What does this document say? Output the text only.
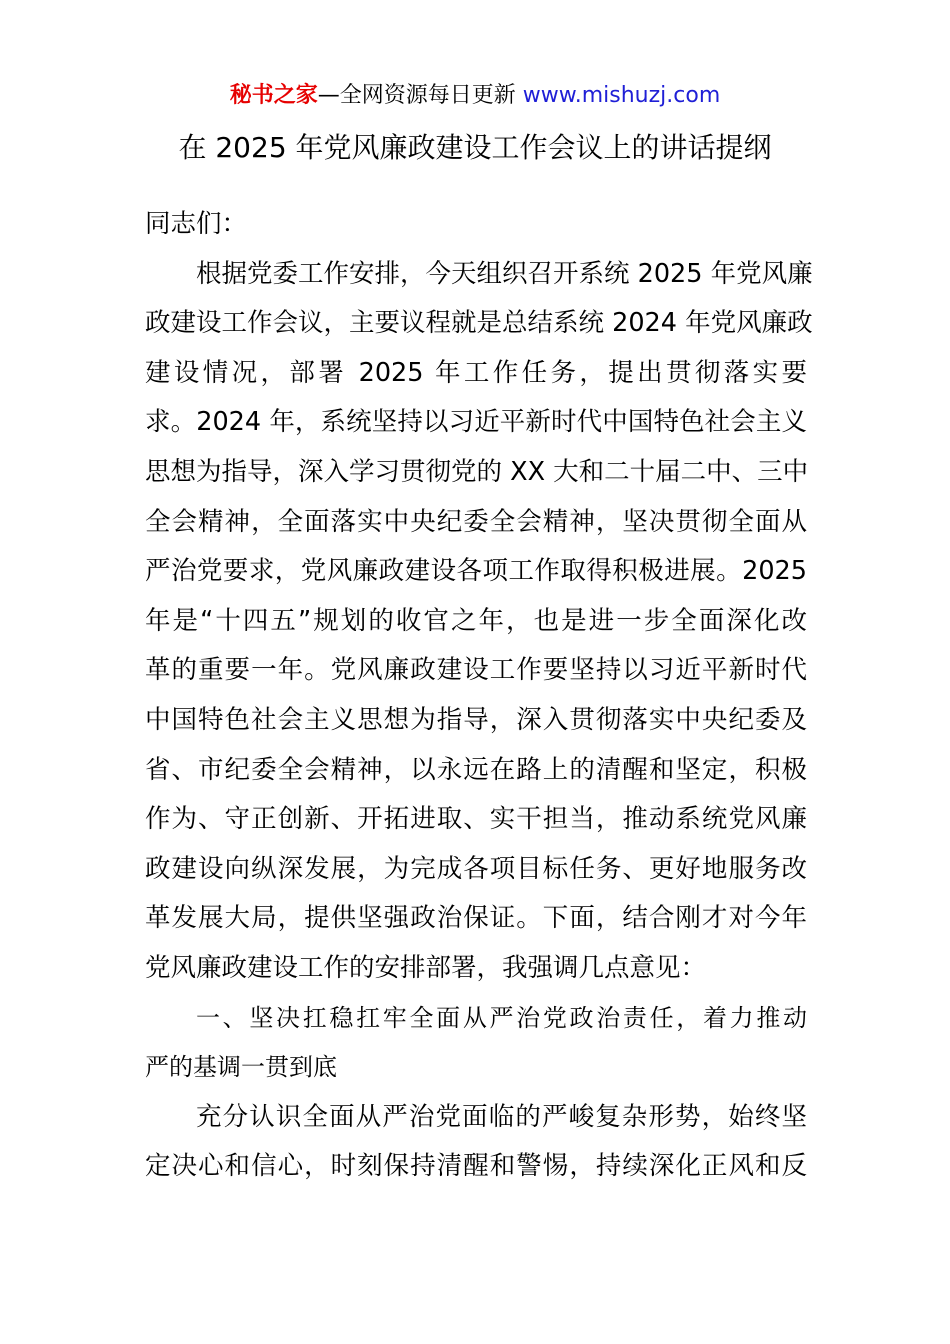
秘书之家—全网资源每日更新 www.mishuzj.com
在 2025 年党风廉政建设工作会议上的讲话提纲
同志们：
根据党委工作安排，今天组织召开系统 2025 年党风廉
政建设工作会议，主要议程就是总结系统 2024 年党风廉政
建设情况，部署 2025 年工作任务，提出贯彻落实要
求。2024 年，系统坚持以习近平新时代中国特色社会主义
思想为指导，深入学习贯彻党的 XX 大和二十届二中、三中
全会精神，全面落实中央纪委全会精神，坚决贯彻全面从
严治党要求，党风廉政建设各项工作取得积极进展。2025
年是“十四五”规划的收官之年，也是进一步全面深化改
革的重要一年。党风廉政建设工作要坚持以习近平新时代
中国特色社会主义思想为指导，深入贯彻落实中央纪委及
省、市纪委全会精神，以永远在路上的清醒和坚定，积极
作为、守正创新、开拓进取、实干担当，推动系统党风廉
政建设向纵深发展，为完成各项目标任务、更好地服务改
革发展大局，提供坚强政治保证。下面，结合刚才对今年
党风廉政建设工作的安排部署，我强调几点意见：
一、坚决扛稳扛牢全面从严治党政治责任，着力推动
严的基调一贯到底
充分认识全面从严治党面临的严峻复杂形势，始终坚
定决心和信心，时刻保持清醒和警惕，持续深化正风和反
